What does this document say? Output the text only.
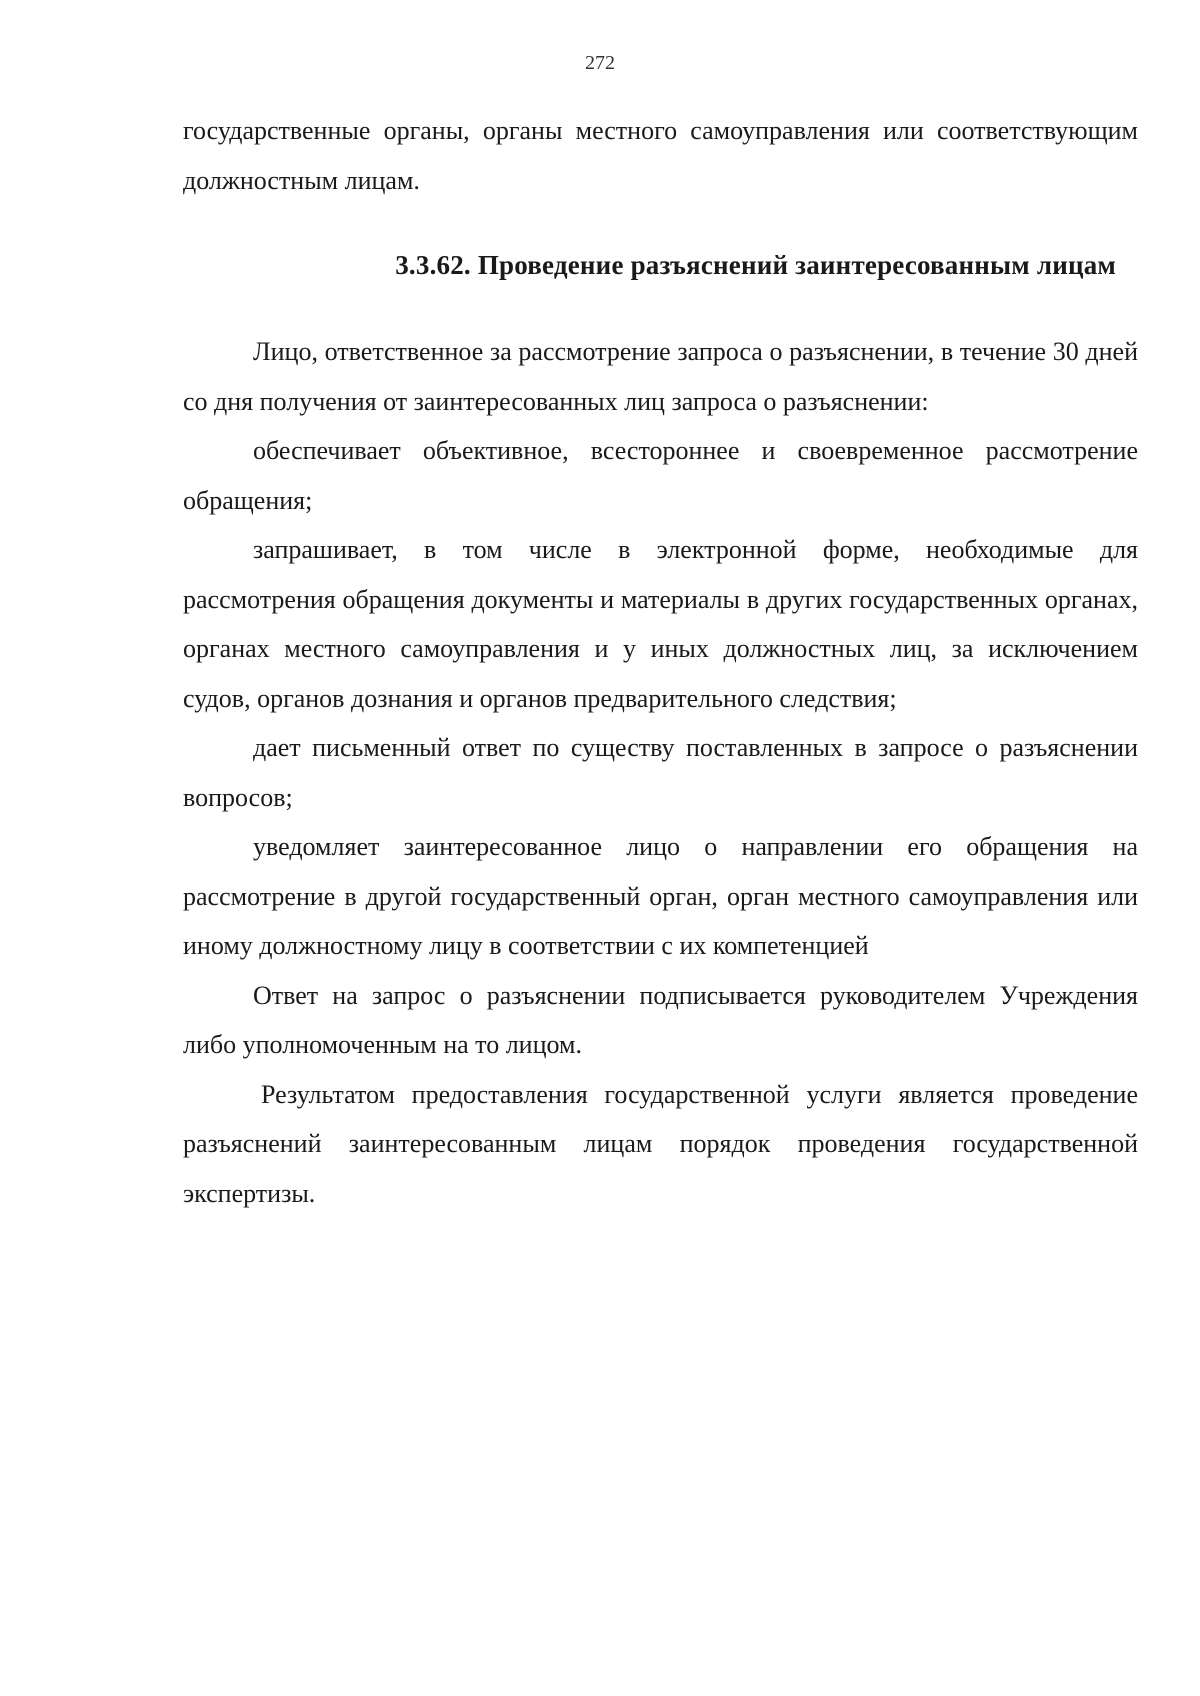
272

государственные органы, органы местного самоуправления или соответствующим должностным лицам.

3.3.62. Проведение разъяснений заинтересованным лицам

Лицо, ответственное за рассмотрение запроса о разъяснении, в течение 30 дней со дня получения от заинтересованных лиц запроса о разъяснении:

обеспечивает объективное, всестороннее и своевременное рассмотрение обращения;

запрашивает, в том числе в электронной форме, необходимые для рассмотрения обращения документы и материалы в других государственных органах, органах местного самоуправления и у иных должностных лиц, за исключением судов, органов дознания и органов предварительного следствия;

дает письменный ответ по существу поставленных в запросе о разъяснении вопросов;

уведомляет заинтересованное лицо о направлении его обращения на рассмотрение в другой государственный орган, орган местного самоуправления или иному должностному лицу в соответствии с их компетенцией

Ответ на запрос о разъяснении подписывается руководителем Учреждения либо уполномоченным на то лицом.

Результатом предоставления государственной услуги является проведение разъяснений заинтересованным лицам порядок проведения государственной экспертизы.
